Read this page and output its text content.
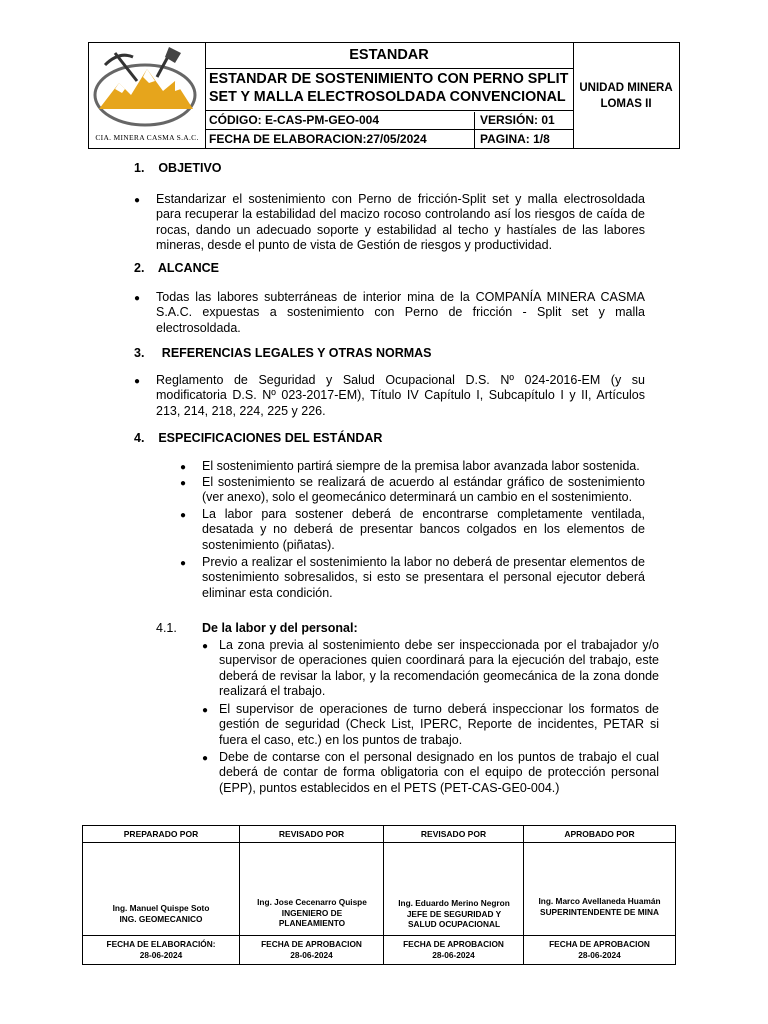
CIA. MINERA CASMA S.A.C.
ESTANDAR
ESTANDAR DE SOSTENIMIENTO CON PERNO SPLIT SET Y MALLA ELECTROSOLDADA CONVENCIONAL
CÓDIGO: E-CAS-PM-GEO-004	VERSIÓN: 01
FECHA DE ELABORACION:27/05/2024	PAGINA: 1/8
UNIDAD MINERA LOMAS II
1.    OBJETIVO
● Estandarizar el sostenimiento con Perno de fricción-Split set y malla electrosoldada para recuperar la estabilidad del macizo rocoso controlando así los riesgos de caída de rocas, dando un adecuado soporte y estabilidad al techo y hastíales de las labores mineras, desde el punto de vista de Gestión de riesgos y productividad.
2.    ALCANCE
● Todas las labores subterráneas de interior mina de la COMPANÍA MINERA CASMA S.A.C. expuestas a sostenimiento con Perno de fricción - Split set y malla electrosoldada.
3.     REFERENCIAS LEGALES Y OTRAS NORMAS
● Reglamento de Seguridad y Salud Ocupacional D.S. Nº 024-2016-EM (y su modificatoria D.S. Nº 023-2017-EM), Título IV Capítulo I, Subcapítulo I y II, Artículos 213, 214, 218, 224, 225 y 226.
4.    ESPECIFICACIONES DEL ESTÁNDAR
● El sostenimiento partirá siempre de la premisa labor avanzada labor sostenida.
● El sostenimiento se realizará de acuerdo al estándar gráfico de sostenimiento (ver anexo), solo el geomecánico determinará un cambio en el sostenimiento.
● La labor para sostener deberá de encontrarse completamente ventilada, desatada y no deberá de presentar bancos colgados en los elementos de sostenimiento (piñatas).
● Previo a realizar el sostenimiento la labor no deberá de presentar elementos de sostenimiento sobresalidos, si esto se presentara el personal ejecutor deberá eliminar esta condición.
4.1. De la labor y del personal:
● La zona previa al sostenimiento debe ser inspeccionada por el trabajador y/o supervisor de operaciones quien coordinará para la ejecución del trabajo, este deberá de revisar la labor, y la recomendación geomecánica de la zona donde realizará el trabajo.
● El supervisor de operaciones de turno deberá inspeccionar los formatos de gestión de seguridad (Check List, IPERC, Reporte de incidentes, PETAR si fuera el caso, etc.) en los puntos de trabajo.
● Debe de contarse con el personal designado en los puntos de trabajo el cual deberá de contar de forma obligatoria con el equipo de protección personal (EPP), puntos establecidos en el PETS (PET-CAS-GE0-004.)
PREPARADO POR
Ing. Manuel Quispe Soto
ING. GEOMECANICO
FECHA DE ELABORACIÓN:
28-06-2024
REVISADO POR
Ing. Jose Cecenarro Quispe
INGENIERO DE PLANEAMIENTO
FECHA DE APROBACION
28-06-2024
REVISADO POR
Ing. Eduardo Merino Negron
JEFE DE SEGURIDAD Y SALUD OCUPACIONAL
FECHA DE APROBACION
28-06-2024
APROBADO POR
Ing. Marco Avellaneda Huamán
SUPERINTENDENTE DE MINA
FECHA DE APROBACION
28-06-2024
